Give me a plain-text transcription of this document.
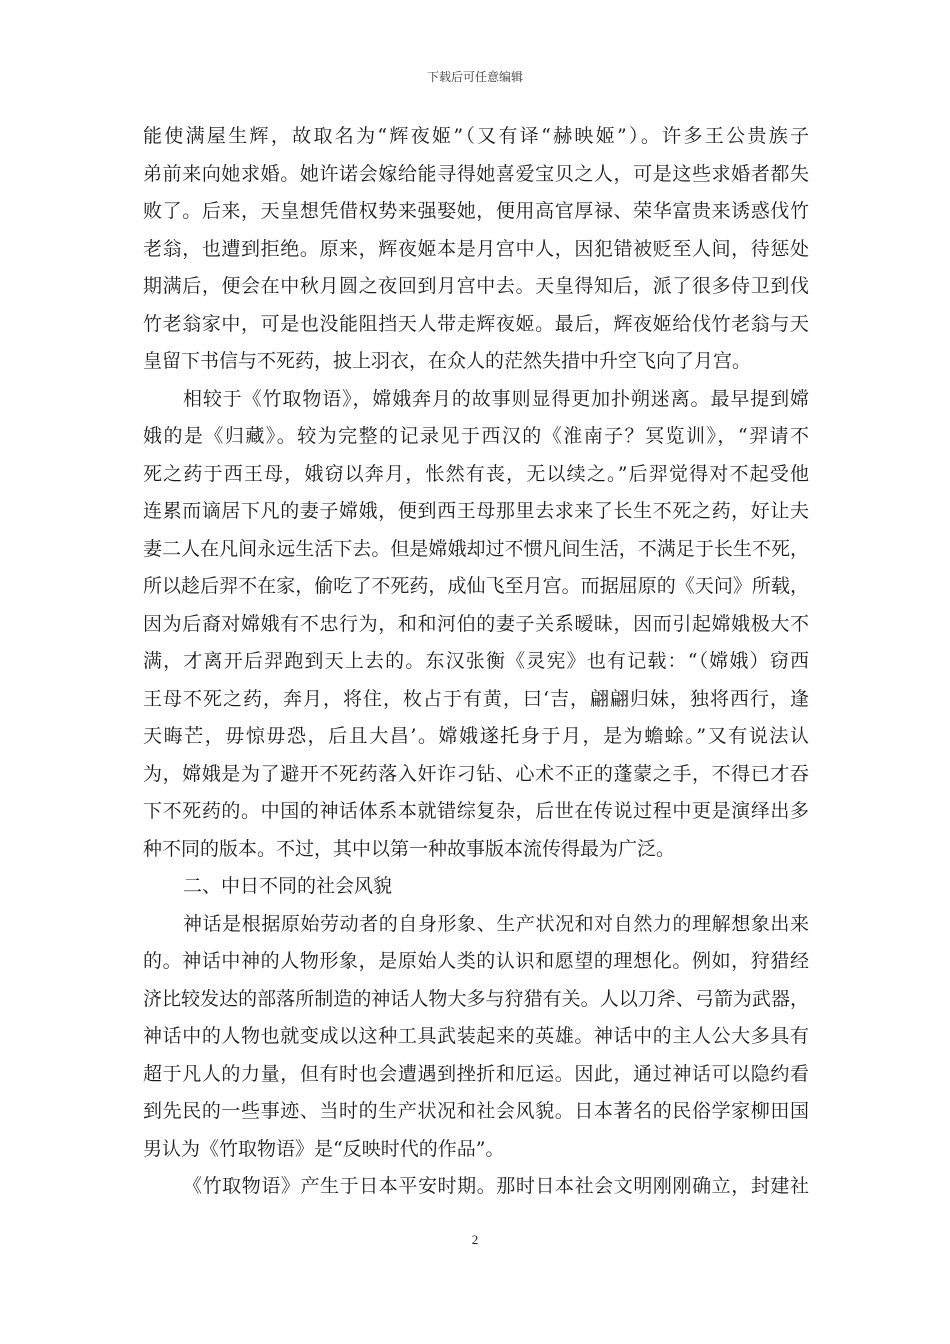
下载后可任意编辑
能使满屋生辉，故取名为“辉夜姬”（又有译“赫映姬”）。许多王公贵族子
弟前来向她求婚。她许诺会嫁给能寻得她喜爱宝贝之人，可是这些求婚者都失
败了。后来，天皇想凭借权势来强娶她，便用高官厚禄、荣华富贵来诱惑伐竹
老翁，也遭到拒绝。原来，辉夜姬本是月宫中人，因犯错被贬至人间，待惩处
期满后，便会在中秋月圆之夜回到月宫中去。天皇得知后，派了很多侍卫到伐
竹老翁家中，可是也没能阻挡天人带走辉夜姬。最后，辉夜姬给伐竹老翁与天
皇留下书信与不死药，披上羽衣，在众人的茫然失措中升空飞向了月宫。
相较于《竹取物语》，嫦娥奔月的故事则显得更加扑朔迷离。最早提到嫦
娥的是《归藏》。较为完整的记录见于西汉的《淮南子？冥览训》，“羿请不
死之药于西王母，娥窃以奔月，怅然有丧，无以续之。”后羿觉得对不起受他
连累而谪居下凡的妻子嫦娥，便到西王母那里去求来了长生不死之药，好让夫
妻二人在凡间永远生活下去。但是嫦娥却过不惯凡间生活，不满足于长生不死，
所以趁后羿不在家，偷吃了不死药，成仙飞至月宫。而据屈原的《天问》所载，
因为后裔对嫦娥有不忠行为，和和河伯的妻子关系暧昧，因而引起嫦娥极大不
满，才离开后羿跑到天上去的。东汉张衡《灵宪》也有记载：“（嫦娥）窃西
王母不死之药，奔月，将住，枚占于有黄，曰‘吉，翩翩归妹，独将西行，逢
天晦芒，毋惊毋恐，后且大昌’。嫦娥遂托身于月，是为蟾蜍。”又有说法认
为，嫦娥是为了避开不死药落入奸诈刁钻、心术不正的蓬蒙之手，不得已才吞
下不死药的。中国的神话体系本就错综复杂，后世在传说过程中更是演绎出多
种不同的版本。不过，其中以第一种故事版本流传得最为广泛。
二、中日不同的社会风貌
神话是根据原始劳动者的自身形象、生产状况和对自然力的理解想象出来
的。神话中神的人物形象，是原始人类的认识和愿望的理想化。例如，狩猎经
济比较发达的部落所制造的神话人物大多与狩猎有关。人以刀斧、弓箭为武器，
神话中的人物也就变成以这种工具武装起来的英雄。神话中的主人公大多具有
超于凡人的力量，但有时也会遭遇到挫折和厄运。因此，通过神话可以隐约看
到先民的一些事迹、当时的生产状况和社会风貌。日本著名的民俗学家柳田国
男认为《竹取物语》是“反映时代的作品”。
《竹取物语》产生于日本平安时期。那时日本社会文明刚刚确立，封建社
2
